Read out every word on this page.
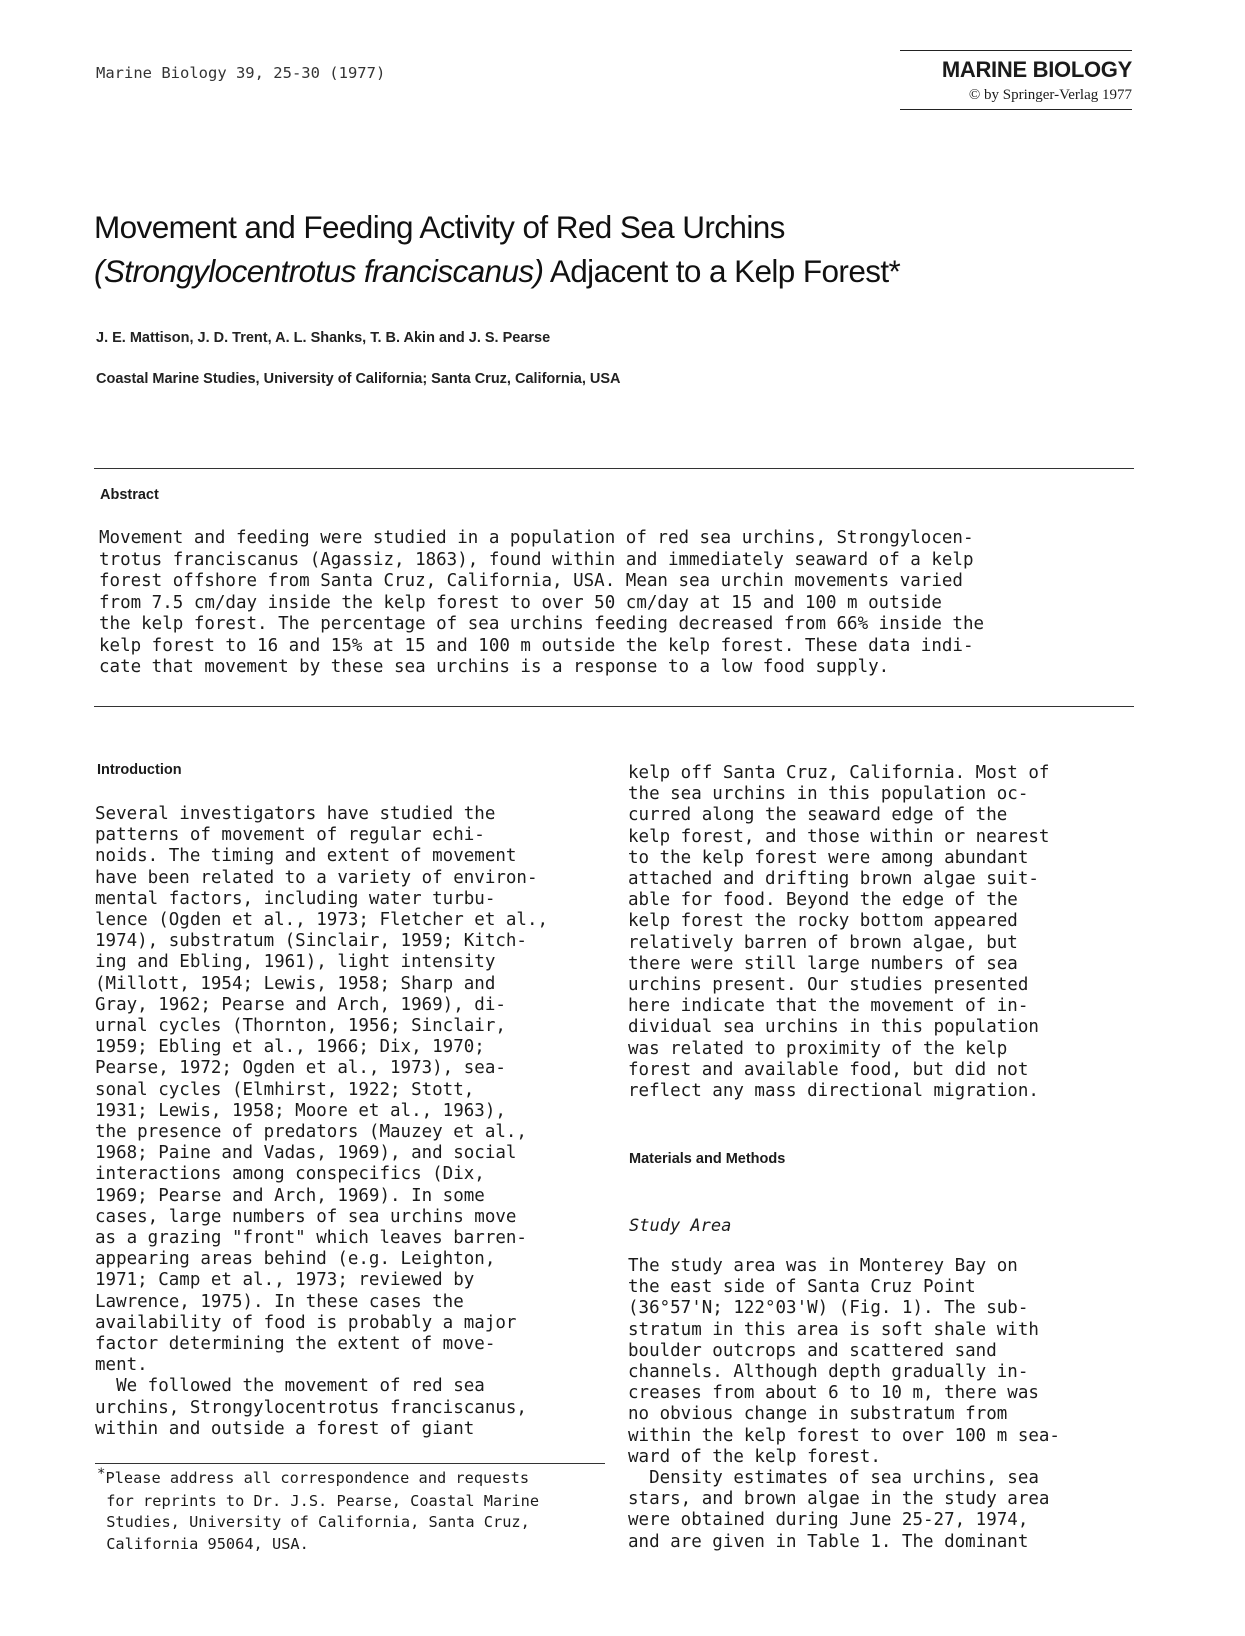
Marine Biology 39, 25-30 (1977)	MARINE BIOLOGY
© by Springer-Verlag 1977
Movement and Feeding Activity of Red Sea Urchins
(Strongylocentrotus franciscanus) Adjacent to a Kelp Forest*
J. E. Mattison, J. D. Trent, A. L. Shanks, T. B. Akin and J. S. Pearse
Coastal Marine Studies, University of California; Santa Cruz, California, USA
Abstract
Movement and feeding were studied in a population of red sea urchins, Strongylocen-
trotus franciscanus (Agassiz, 1863), found within and immediately seaward of a kelp
forest offshore from Santa Cruz, California, USA. Mean sea urchin movements varied
from 7.5 cm/day inside the kelp forest to over 50 cm/day at 15 and 100 m outside
the kelp forest. The percentage of sea urchins feeding decreased from 66% inside the
kelp forest to 16 and 15% at 15 and 100 m outside the kelp forest. These data indi-
cate that movement by these sea urchins is a response to a low food supply.
Introduction
Several investigators have studied the
patterns of movement of regular echi-
noids. The timing and extent of movement
have been related to a variety of environ-
mental factors, including water turbu-
lence (Ogden et al., 1973; Fletcher et al.,
1974), substratum (Sinclair, 1959; Kitch-
ing and Ebling, 1961), light intensity
(Millott, 1954; Lewis, 1958; Sharp and
Gray, 1962; Pearse and Arch, 1969), di-
urnal cycles (Thornton, 1956; Sinclair,
1959; Ebling et al., 1966; Dix, 1970;
Pearse, 1972; Ogden et al., 1973), sea-
sonal cycles (Elmhirst, 1922; Stott,
1931; Lewis, 1958; Moore et al., 1963),
the presence of predators (Mauzey et al.,
1968; Paine and Vadas, 1969), and social
interactions among conspecifics (Dix,
1969; Pearse and Arch, 1969). In some
cases, large numbers of sea urchins move
as a grazing "front" which leaves barren-
appearing areas behind (e.g. Leighton,
1971; Camp et al., 1973; reviewed by
Lawrence, 1975). In these cases the
availability of food is probably a major
factor determining the extent of move-
ment.
We followed the movement of red sea
urchins, Strongylocentrotus franciscanus,
within and outside a forest of giant
kelp off Santa Cruz, California. Most of
the sea urchins in this population oc-
curred along the seaward edge of the
kelp forest, and those within or nearest
to the kelp forest were among abundant
attached and drifting brown algae suit-
able for food. Beyond the edge of the
kelp forest the rocky bottom appeared
relatively barren of brown algae, but
there were still large numbers of sea
urchins present. Our studies presented
here indicate that the movement of in-
dividual sea urchins in this population
was related to proximity of the kelp
forest and available food, but did not
reflect any mass directional migration.
Materials and Methods
Study Area
The study area was in Monterey Bay on
the east side of Santa Cruz Point
(36°57'N; 122°03'W) (Fig. 1). The sub-
stratum in this area is soft shale with
boulder outcrops and scattered sand
channels. Although depth gradually in-
creases from about 6 to 10 m, there was
no obvious change in substratum from
within the kelp forest to over 100 m sea-
ward of the kelp forest.
Density estimates of sea urchins, sea
stars, and brown algae in the study area
were obtained during June 25-27, 1974,
and are given in Table 1. The dominant
*Please address all correspondence and requests
for reprints to Dr. J.S. Pearse, Coastal Marine
Studies, University of California, Santa Cruz,
California 95064, USA.
